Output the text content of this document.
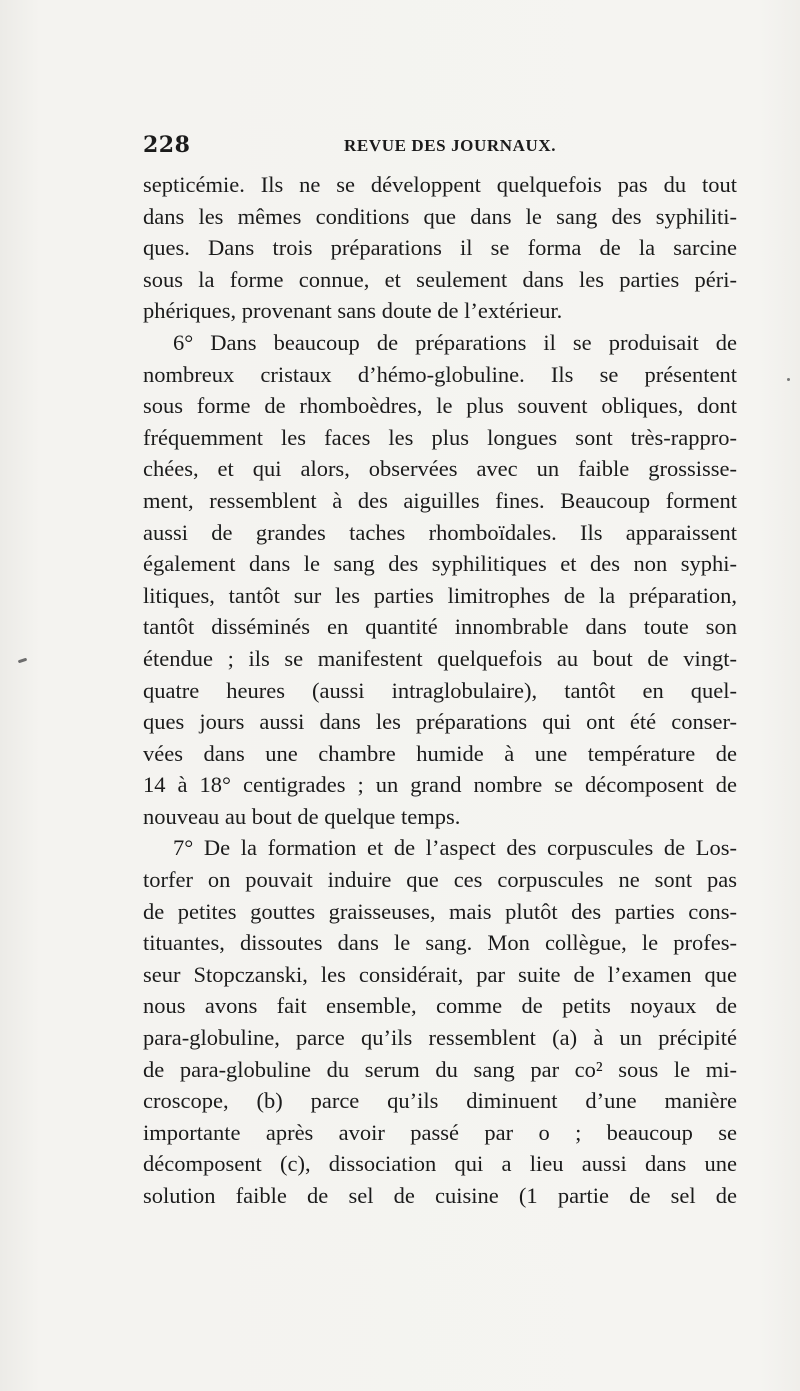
228	REVUE DES JOURNAUX.
septicémie. Ils ne se développent quelquefois pas du tout
dans les mêmes conditions que dans le sang des syphiliti-
ques. Dans trois préparations il se forma de la sarcine
sous la forme connue, et seulement dans les parties péri-
phériques, provenant sans doute de l’extérieur.
6° Dans beaucoup de préparations il se produisait de
nombreux cristaux d’hémo-globuline. Ils se présentent
sous forme de rhomboèdres, le plus souvent obliques, dont
fréquemment les faces les plus longues sont très-rappro-
chées, et qui alors, observées avec un faible grossisse-
ment, ressemblent à des aiguilles fines. Beaucoup forment
aussi de grandes taches rhomboïdales. Ils apparaissent
également dans le sang des syphilitiques et des non syphi-
litiques, tantôt sur les parties limitrophes de la préparation,
tantôt disséminés en quantité innombrable dans toute son
étendue ; ils se manifestent quelquefois au bout de vingt-
quatre heures (aussi intraglobulaire), tantôt en quel-
ques jours aussi dans les préparations qui ont été conser-
vées dans une chambre humide à une température de
14 à 18° centigrades ; un grand nombre se décomposent de
nouveau au bout de quelque temps.
7° De la formation et de l’aspect des corpuscules de Los-
torfer on pouvait induire que ces corpuscules ne sont pas
de petites gouttes graisseuses, mais plutôt des parties cons-
tituantes, dissoutes dans le sang. Mon collègue, le profes-
seur Stopczanski, les considérait, par suite de l’examen que
nous avons fait ensemble, comme de petits noyaux de
para-globuline, parce qu’ils ressemblent (a) à un précipité
de para-globuline du serum du sang par co² sous le mi-
croscope, (b) parce qu’ils diminuent d’une manière
importante après avoir passé par o ; beaucoup se
décomposent (c), dissociation qui a lieu aussi dans une
solution faible de sel de cuisine (1 partie de sel de
